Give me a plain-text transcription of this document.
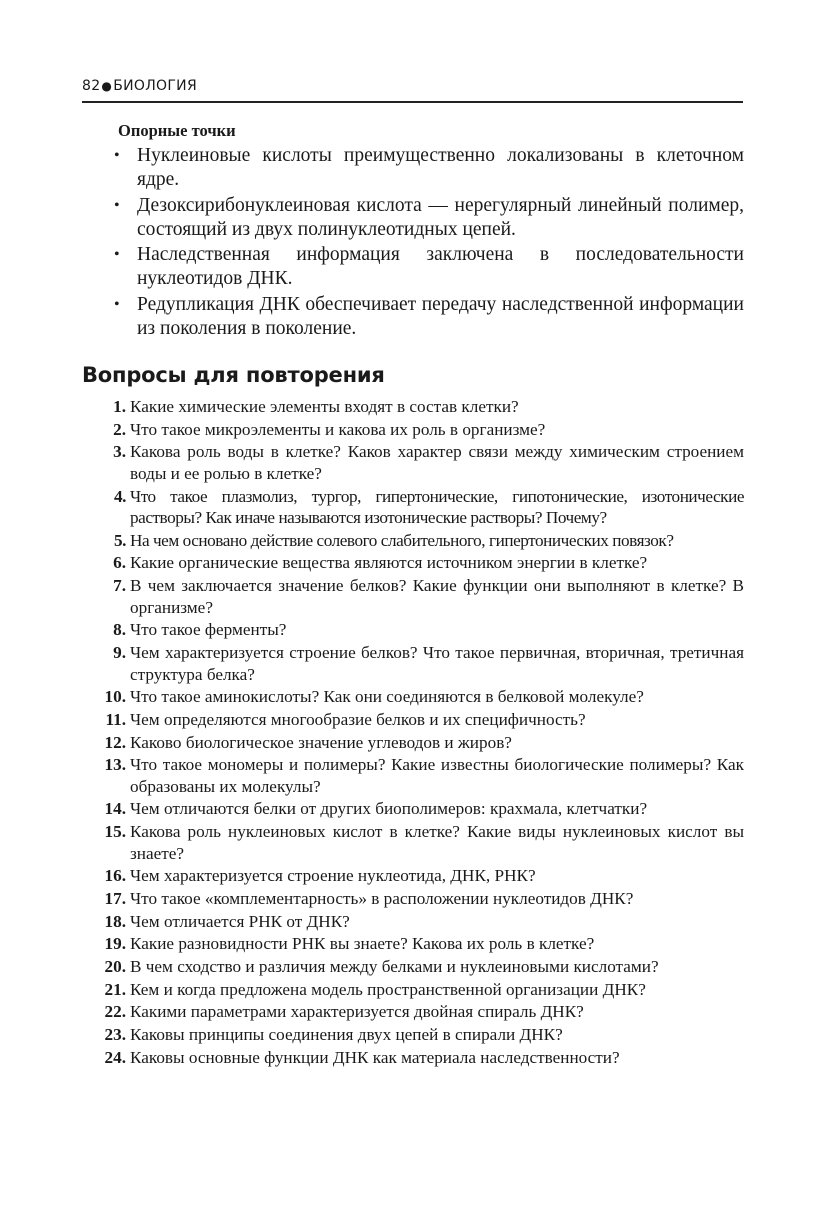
82●БИОЛОГИЯ
Опорные точки
• Нуклеиновые кислоты преимущественно локализованы в клеточном ядре.
• Дезоксирибонуклеиновая кислота — нерегулярный линейный полимер, состоящий из двух полинуклеотидных цепей.
• Наследственная информация заключена в последовательности нуклеотидов ДНК.
• Редупликация ДНК обеспечивает передачу наследственной информации из поколения в поколение.
Вопросы для повторения
1. Какие химические элементы входят в состав клетки?
2. Что такое микроэлементы и какова их роль в организме?
3. Какова роль воды в клетке? Каков характер связи между химическим строением воды и ее ролью в клетке?
4. Что такое плазмолиз, тургор, гипертонические, гипотонические, изотонические растворы? Как иначе называются изотонические растворы? Почему?
5. На чем основано действие солевого слабительного, гипертонических повязок?
6. Какие органические вещества являются источником энергии в клетке?
7. В чем заключается значение белков? Какие функции они выполняют в клетке? В организме?
8. Что такое ферменты?
9. Чем характеризуется строение белков? Что такое первичная, вторичная, третичная структура белка?
10. Что такое аминокислоты? Как они соединяются в белковой молекуле?
11. Чем определяются многообразие белков и их специфичность?
12. Каково биологическое значение углеводов и жиров?
13. Что такое мономеры и полимеры? Какие известны биологические полимеры? Как образованы их молекулы?
14. Чем отличаются белки от других биополимеров: крахмала, клетчатки?
15. Какова роль нуклеиновых кислот в клетке? Какие виды нуклеиновых кислот вы знаете?
16. Чем характеризуется строение нуклеотида, ДНК, РНК?
17. Что такое «комплементарность» в расположении нуклеотидов ДНК?
18. Чем отличается РНК от ДНК?
19. Какие разновидности РНК вы знаете? Какова их роль в клетке?
20. В чем сходство и различия между белками и нуклеиновыми кислотами?
21. Кем и когда предложена модель пространственной организации ДНК?
22. Какими параметрами характеризуется двойная спираль ДНК?
23. Каковы принципы соединения двух цепей в спирали ДНК?
24. Каковы основные функции ДНК как материала наследственности?
